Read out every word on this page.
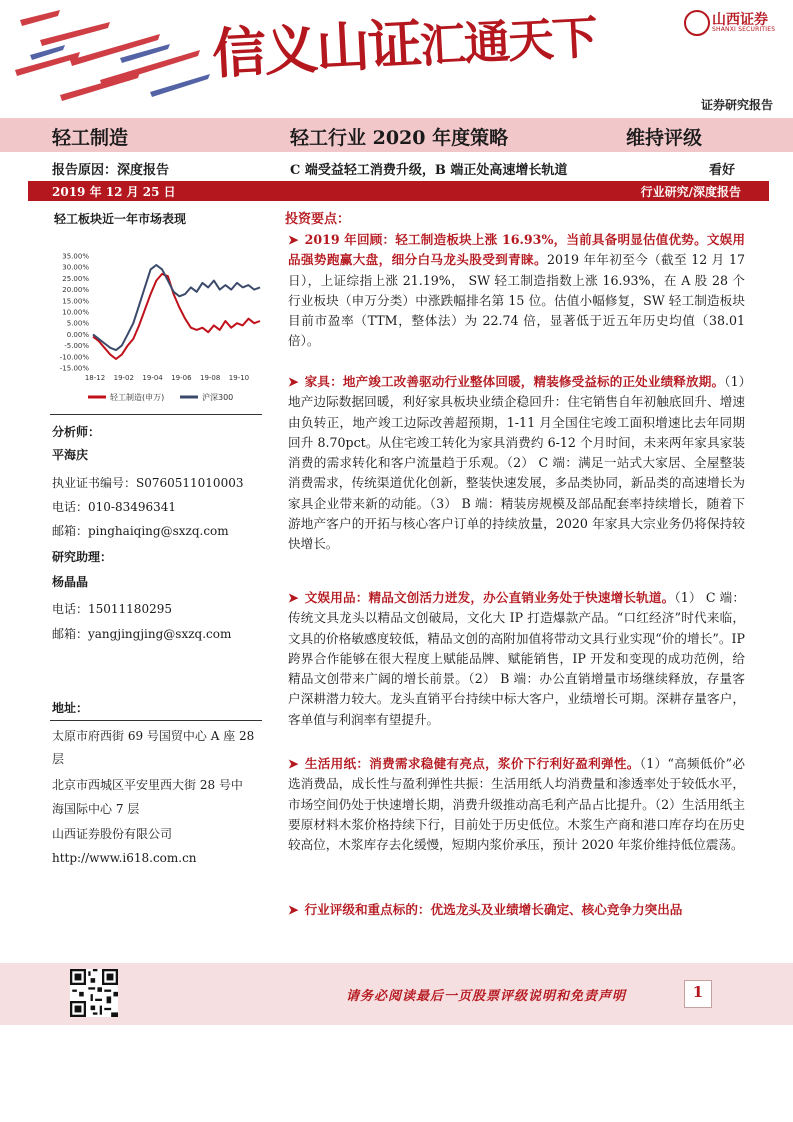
信义山证汇通天下	山西证券
SHANXI SECURITIES
证券研究报告
轻工制造	轻工行业 2020 年度策略	维持评级
报告原因：深度报告	C 端受益轻工消费升级，B 端正处高速增长轨道	看好
2019 年 12 月 25 日	行业研究/深度报告
轻工板块近一年市场表现
35.00%
30.00%
25.00%
20.00%
15.00%
10.00%
5.00%
0.00%
-5.00%
-10.00%
-15.00%
18-12 19-02 19-04 19-06 19-08 19-10
轻工制造(申万)	沪深300
分析师：
平海庆
执业证书编号：S0760511010003
电话：010-83496341
邮箱：pinghaiqing@sxzq.com
研究助理：
杨晶晶
电话：15011180295
邮箱：yangjingjing@sxzq.com
地址：
太原市府西街 69 号国贸中心 A 座 28
层
北京市西城区平安里西大街 28 号中
海国际中心 7 层
山西证券股份有限公司
http://www.i618.com.cn
投资要点：
➤ 2019 年回顾：轻工制造板块上涨 16.93%，当前具备明显估值优势。文娱用品强势跑赢大盘，细分白马龙头股受到青睐。2019 年年初至今（截至 12 月 17 日），上证综指上涨 21.19%， SW 轻工制造指数上涨 16.93%，在 A 股 28 个行业板块（申万分类）中涨跌幅排名第 15 位。估值小幅修复，SW 轻工制造板块目前市盈率（TTM，整体法）为 22.74 倍，显著低于近五年历史均值（38.01 倍）。
➤ 家具：地产竣工改善驱动行业整体回暖，精装修受益标的正处业绩释放期。（1）地产边际数据回暖，利好家具板块业绩企稳回升：住宅销售自年初触底回升、增速由负转正，地产竣工边际改善超预期，1-11 月全国住宅竣工面积增速比去年同期回升 8.70pct。从住宅竣工转化为家具消费约 6-12 个月时间，未来两年家具家装消费的需求转化和客户流量趋于乐观。（2） C 端：满足一站式大家居、全屋整装消费需求，传统渠道优化创新，整装快速发展，多品类协同，新品类的高速增长为家具企业带来新的动能。（3） B 端：精装房规模及部品配套率持续增长，随着下游地产客户的开拓与核心客户订单的持续放量，2020 年家具大宗业务仍将保持较快增长。
➤ 文娱用品：精品文创活力迸发，办公直销业务处于快速增长轨道。（1） C 端：传统文具龙头以精品文创破局，文化大 IP 打造爆款产品。“口红经济”时代来临，文具的价格敏感度较低，精品文创的高附加值将带动文具行业实现“价的增长”。IP 跨界合作能够在很大程度上赋能品牌、赋能销售，IP 开发和变现的成功范例，给精品文创带来广阔的增长前景。（2） B 端：办公直销增量市场继续释放，存量客户深耕潜力较大。龙头直销平台持续中标大客户，业绩增长可期。深耕存量客户，客单值与利润率有望提升。
➤ 生活用纸：消费需求稳健有亮点，浆价下行利好盈利弹性。（1）“高频低价”必选消费品，成长性与盈利弹性共振：生活用纸人均消费量和渗透率处于较低水平，市场空间仍处于快速增长期，消费升级推动高毛利产品占比提升。（2）生活用纸主要原材料木浆价格持续下行，目前处于历史低位。木浆生产商和港口库存均在历史较高位，木浆库存去化缓慢，短期内浆价承压，预计 2020 年浆价维持低位震荡。
➤ 行业评级和重点标的：优选龙头及业绩增长确定、核心竞争力突出品
请务必阅读最后一页股票评级说明和免责声明	1
